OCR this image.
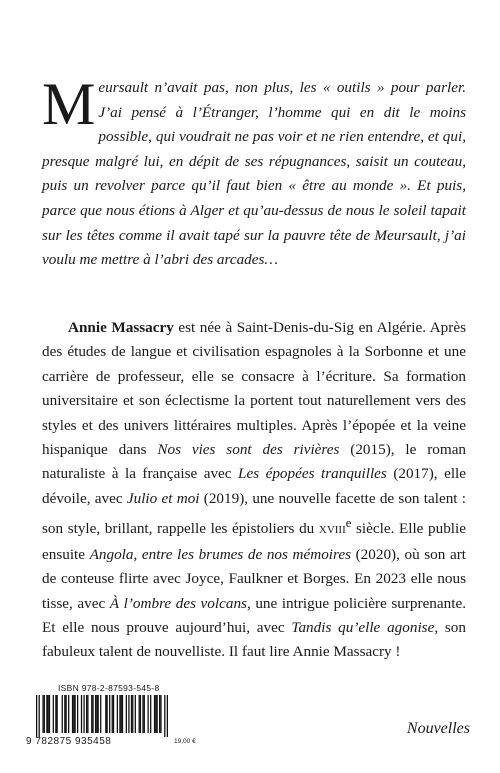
Meursault n’avait pas, non plus, les « outils » pour parler. J’ai pensé à l’Étranger, l’homme qui en dit le moins possible, qui voudrait ne pas voir et ne rien entendre, et qui, presque malgré lui, en dépit de ses répugnances, saisit un couteau, puis un revolver parce qu’il faut bien « être au monde ». Et puis, parce que nous étions à Alger et qu’au-dessus de nous le soleil tapait sur les têtes comme il avait tapé sur la pauvre tête de Meursault, j’ai voulu me mettre à l’abri des arcades…
Annie Massacry est née à Saint-Denis-du-Sig en Algérie. Après des études de langue et civilisation espagnoles à la Sorbonne et une carrière de professeur, elle se consacre à l’écriture. Sa formation universitaire et son éclectisme la portent tout naturellement vers des styles et des univers littéraires multiples. Après l’épopée et la veine hispanique dans Nos vies sont des rivières (2015), le roman naturaliste à la française avec Les épopées tranquilles (2017), elle dévoile, avec Julio et moi (2019), une nouvelle facette de son talent : son style, brillant, rappelle les épistoliers du XVIIIe siècle. Elle publie ensuite Angola, entre les brumes de nos mémoires (2020), où son art de conteuse flirte avec Joyce, Faulkner et Borges. En 2023 elle nous tisse, avec À l’ombre des volcans, une intrigue policière surprenante. Et elle nous prouve aujourd’hui, avec Tandis qu’elle agonise, son fabuleux talent de nouvelliste. Il faut lire Annie Massacry !
ISBN 978-2-87593-545-8
9 782875 935458	19,00 €
Nouvelles
